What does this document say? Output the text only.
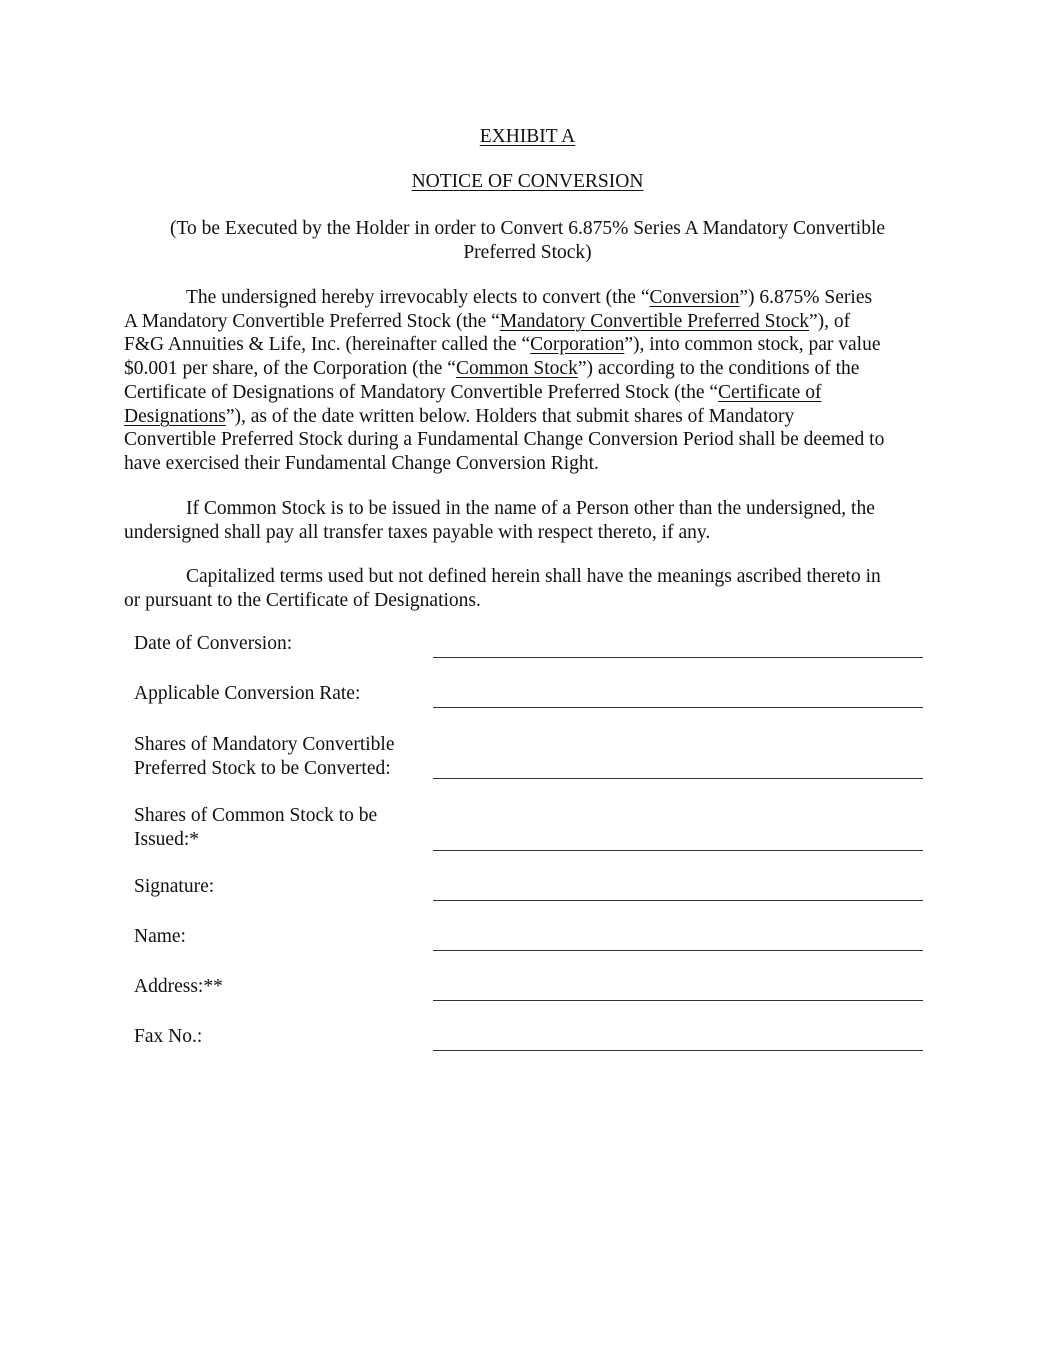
EXHIBIT A
NOTICE OF CONVERSION
(To be Executed by the Holder in order to Convert 6.875% Series A Mandatory Convertible
Preferred Stock)
The undersigned hereby irrevocably elects to convert (the “Conversion”) 6.875% Series
A Mandatory Convertible Preferred Stock (the “Mandatory Convertible Preferred Stock”), of
F&G Annuities & Life, Inc. (hereinafter called the “Corporation”), into common stock, par value
$0.001 per share, of the Corporation (the “Common Stock”) according to the conditions of the
Certificate of Designations of Mandatory Convertible Preferred Stock (the “Certificate of
Designations”), as of the date written below. Holders that submit shares of Mandatory
Convertible Preferred Stock during a Fundamental Change Conversion Period shall be deemed to
have exercised their Fundamental Change Conversion Right.
If Common Stock is to be issued in the name of a Person other than the undersigned, the
undersigned shall pay all transfer taxes payable with respect thereto, if any.
Capitalized terms used but not defined herein shall have the meanings ascribed thereto in
or pursuant to the Certificate of Designations.
Date of Conversion:
Applicable Conversion Rate:
Shares of Mandatory Convertible
Preferred Stock to be Converted:
Shares of Common Stock to be
Issued:*
Signature:
Name:
Address:**
Fax No.:
